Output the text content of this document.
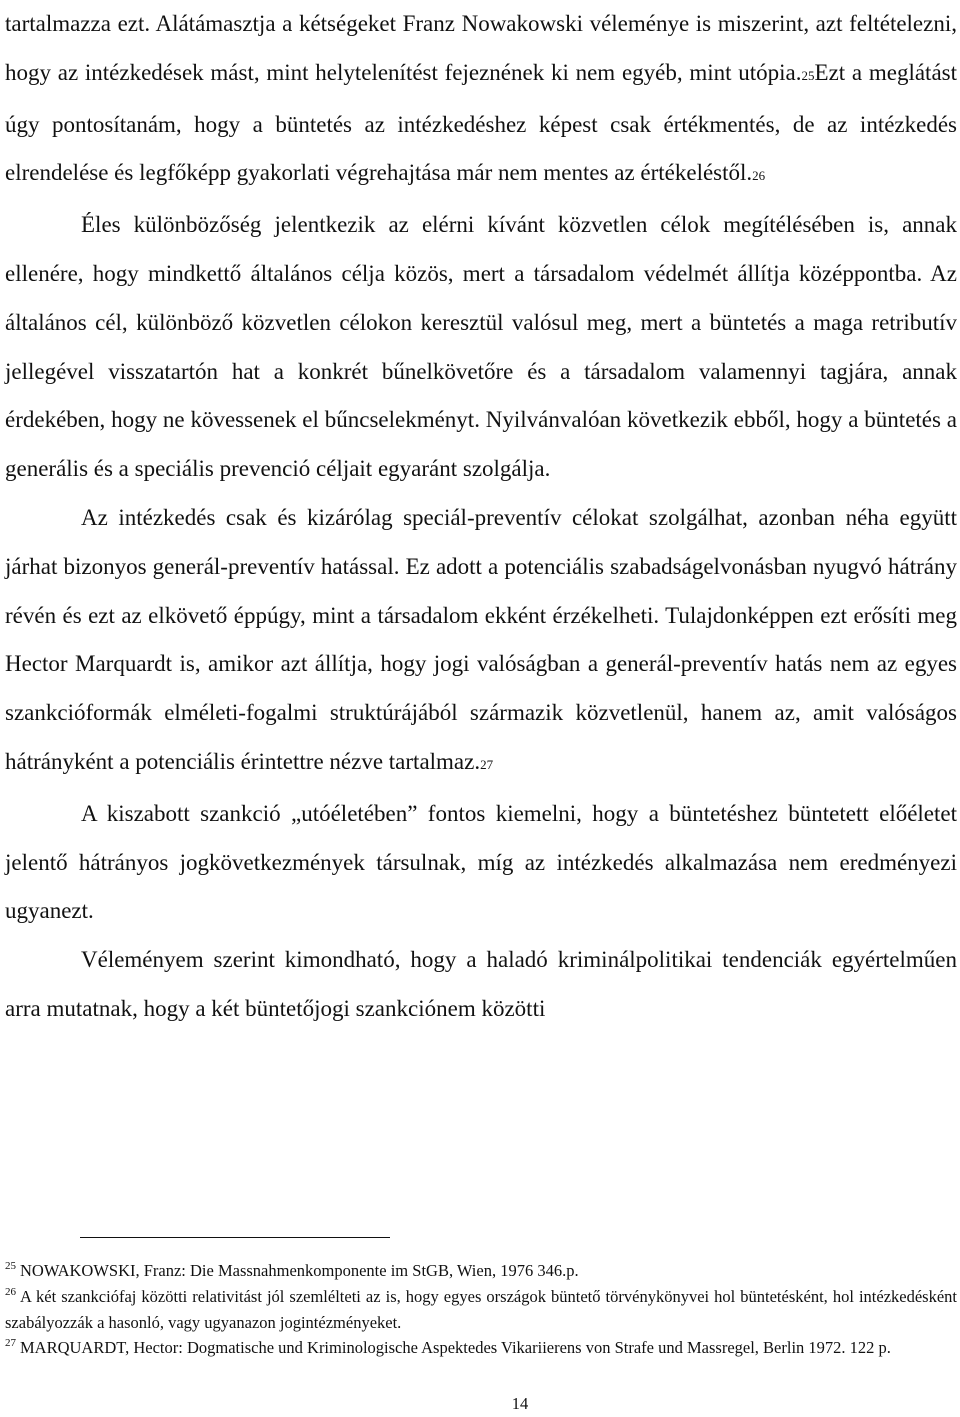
tartalmazza ezt. Alátámasztja a kétségeket Franz Nowakowski véleménye is miszerint, azt feltételezni, hogy az intézkedések mást, mint helytelenítést fejeznének ki nem egyéb, mint utópia.25Ezt a meglátást úgy pontosítanám, hogy a büntetés az intézkedéshez képest csak értékmentés, de az intézkedés elrendelése és legfőképp gyakorlati végrehajtása már nem mentes az értékeléstől.26

Éles különbözőség jelentkezik az elérni kívánt közvetlen célok megítélésében is, annak ellenére, hogy mindkettő általános célja közös, mert a társadalom védelmét állítja középpontba. Az általános cél, különböző közvetlen célokon keresztül valósul meg, mert a büntetés a maga retributív jellegével visszatartón hat a konkrét bűnelkövetőre és a társadalom valamennyi tagjára, annak érdekében, hogy ne kövessenek el bűncselekményt. Nyilvánvalóan következik ebből, hogy a büntetés a generális és a speciális prevenció céljait egyaránt szolgálja.

Az intézkedés csak és kizárólag speciál-preventív célokat szolgálhat, azonban néha együtt járhat bizonyos generál-preventív hatással. Ez adott a potenciális szabadságelvonásban nyugvó hátrány révén és ezt az elkövető éppúgy, mint a társadalom ekként érzékelheti. Tulajdonképpen ezt erősíti meg Hector Marquardt is, amikor azt állítja, hogy jogi valóságban a generál-preventív hatás nem az egyes szankcióformák elméleti-fogalmi struktúrájából származik közvetlenül, hanem az, amit valóságos hátrányként a potenciális érintettre nézve tartalmaz.27

A kiszabott szankció „utóéletében” fontos kiemelni, hogy a büntetéshez büntetett előéletet jelentő hátrányos jogkövetkezmények társulnak, míg az intézkedés alkalmazása nem eredményezi ugyanezt.

Véleményem szerint kimondható, hogy a haladó kriminálpolitikai tendenciák egyértelműen arra mutatnak, hogy a két büntetőjogi szankciónem közötti

$^{25}$ NOWAKOWSKI, Franz: Die Massnahmenkomponente im StGB, Wien, 1976 346.p.

$^{26}$ A két szankciófaj közötti relativitást jól szemlélteti az is, hogy egyes országok büntető törvénykönyvei hol büntetésként, hol intézkedésként szabályozzák a hasonló, vagy ugyanazon jogintézményeket.

$^{27}$ MARQUARDT, Hector: Dogmatische und Kriminologische Aspektedes Vikariierens von Strafe und Massregel, Berlin 1972. 122 p.

14
